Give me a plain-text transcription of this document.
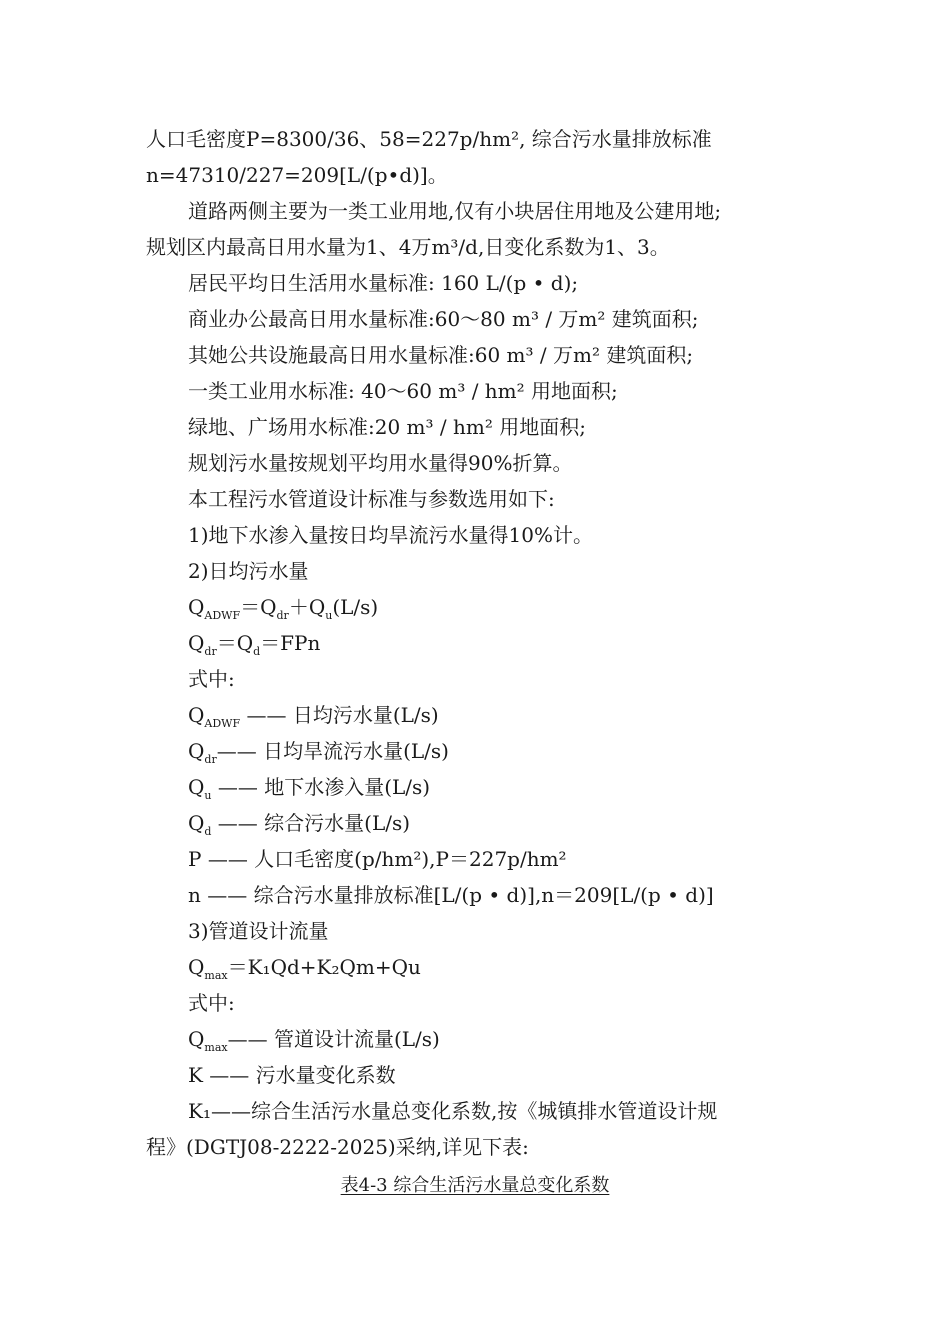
人口毛密度P=8300/36、58=227p/hm², 综合污水量排放标准
n=47310/227=209[L/(p•d)]。
道路两侧主要为一类工业用地,仅有小块居住用地及公建用地;
规划区内最高日用水量为1、4万m³/d,日变化系数为1、3。
居民平均日生活用水量标准: 160 L/(p • d);
商业办公最高日用水量标准:60～80 m³ / 万m² 建筑面积;
其她公共设施最高日用水量标准:60 m³ / 万m² 建筑面积;
一类工业用水标准: 40～60 m³ / hm² 用地面积;
绿地、广场用水标准:20 m³ / hm² 用地面积;
规划污水量按规划平均用水量得90%折算。
本工程污水管道设计标准与参数选用如下:
1)地下水渗入量按日均旱流污水量得10%计。
2)日均污水量
$Q_{ADWF}=Q_{dr}+Q_u(L/s)$
$Q_{dr}=Q_d=FPn$
式中:
$Q_{ADWF}$ —— 日均污水量(L/s)
$Q_{dr}——$ 日均旱流污水量(L/s)
$Q_u$ —— 地下水渗入量(L/s)
$Q_d$ —— 综合污水量(L/s)
P —— 人口毛密度(p/hm²),P＝227p/hm²
n —— 综合污水量排放标准[L/(p • d)],n＝209[L/(p • d)]
3)管道设计流量
$Q_{max}=K_1Qd+K_2Qm+Qu$
式中:
$Q_{max}——$ 管道设计流量(L/s)
K —— 污水量变化系数
K₁——综合生活污水量总变化系数,按《城镇排水管道设计规
程》(DGTJ08-2222-2025)采纳,详见下表:
表4-3 综合生活污水量总变化系数
